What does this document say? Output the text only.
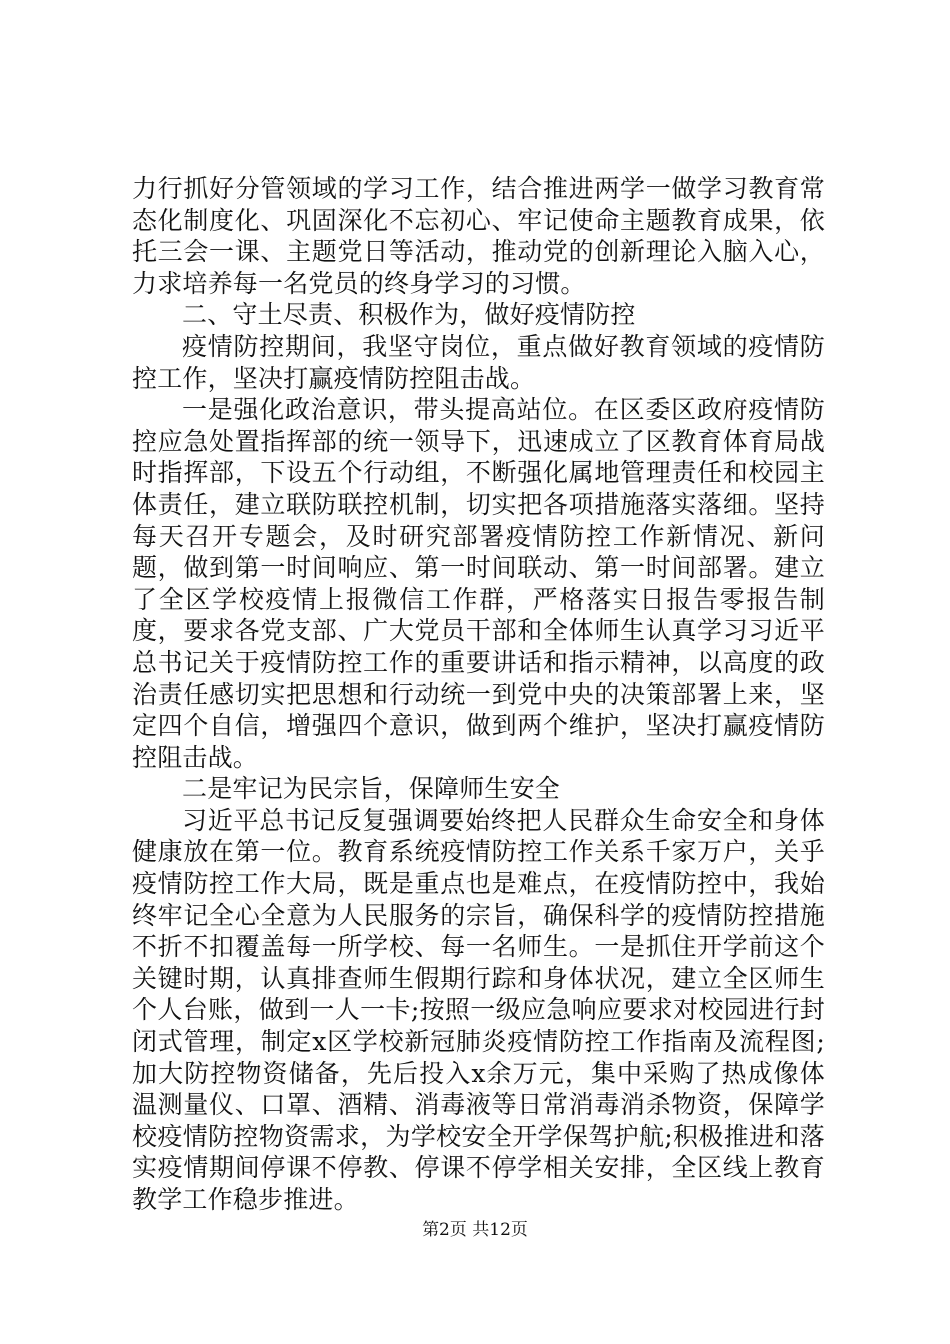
力行抓好分管领域的学习工作，结合推进两学一做学习教育常态化制度化、巩固深化不忘初心、牢记使命主题教育成果，依托三会一课、主题党日等活动，推动党的创新理论入脑入心，力求培养每一名党员的终身学习的习惯。

二、守土尽责、积极作为，做好疫情防控

疫情防控期间，我坚守岗位，重点做好教育领域的疫情防控工作，坚决打赢疫情防控阻击战。

一是强化政治意识，带头提高站位。在区委区政府疫情防控应急处置指挥部的统一领导下，迅速成立了区教育体育局战时指挥部，下设五个行动组，不断强化属地管理责任和校园主体责任，建立联防联控机制，切实把各项措施落实落细。坚持每天召开专题会，及时研究部署疫情防控工作新情况、新问题，做到第一时间响应、第一时间联动、第一时间部署。建立了全区学校疫情上报微信工作群，严格落实日报告零报告制度，要求各党支部、广大党员干部和全体师生认真学习习近平总书记关于疫情防控工作的重要讲话和指示精神，以高度的政治责任感切实把思想和行动统一到党中央的决策部署上来，坚定四个自信，增强四个意识，做到两个维护，坚决打赢疫情防控阻击战。

二是牢记为民宗旨，保障师生安全

习近平总书记反复强调要始终把人民群众生命安全和身体健康放在第一位。教育系统疫情防控工作关系千家万户，关乎疫情防控工作大局，既是重点也是难点，在疫情防控中，我始终牢记全心全意为人民服务的宗旨，确保科学的疫情防控措施不折不扣覆盖每一所学校、每一名师生。一是抓住开学前这个关键时期，认真排查师生假期行踪和身体状况，建立全区师生个人台账，做到一人一卡;按照一级应急响应要求对校园进行封闭式管理，制定x区学校新冠肺炎疫情防控工作指南及流程图;加大防控物资储备，先后投入x余万元，集中采购了热成像体温测量仪、口罩、酒精、消毒液等日常消毒消杀物资，保障学校疫情防控物资需求，为学校安全开学保驾护航;积极推进和落实疫情期间停课不停教、停课不停学相关安排，全区线上教育教学工作稳步推进。

第2页 共12页
